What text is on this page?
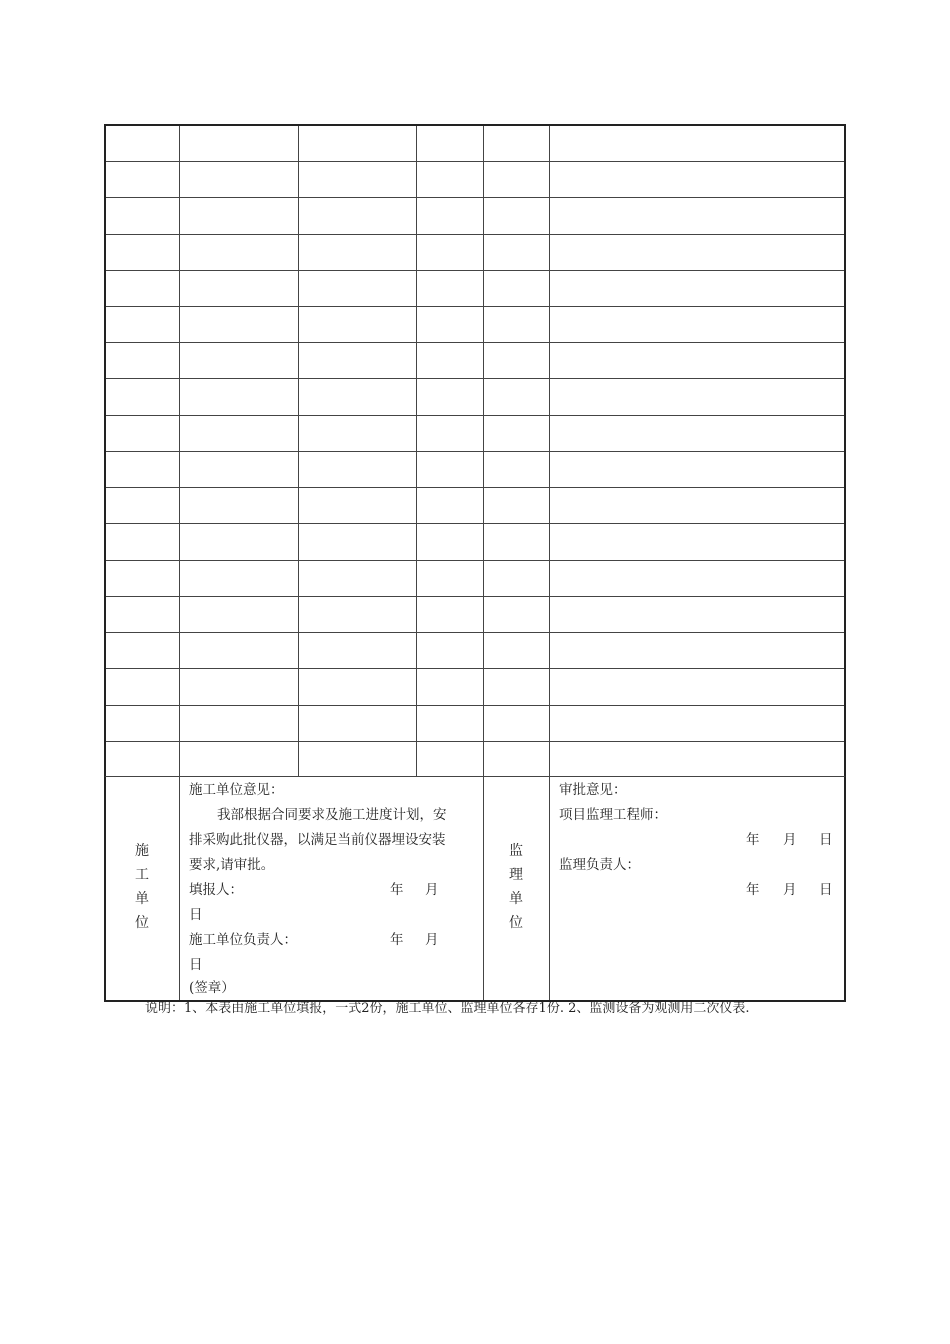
施
工
单
位
施工单位意见：
我部根据合同要求及施工进度计划，安
排采购此批仪器，以满足当前仪器埋设安装
要求,请审批。
填报人：	年 月
日
施工单位负责人：	年 月
日
(签章）
监
理
单
位
审批意见：
项目监理工程师：
年 月 日
监理负责人：
年 月 日
说明：1、本表由施工单位填报，一式2份，施工单位、监理单位各存1份. 2、监测设备为观测用二次仪表.
